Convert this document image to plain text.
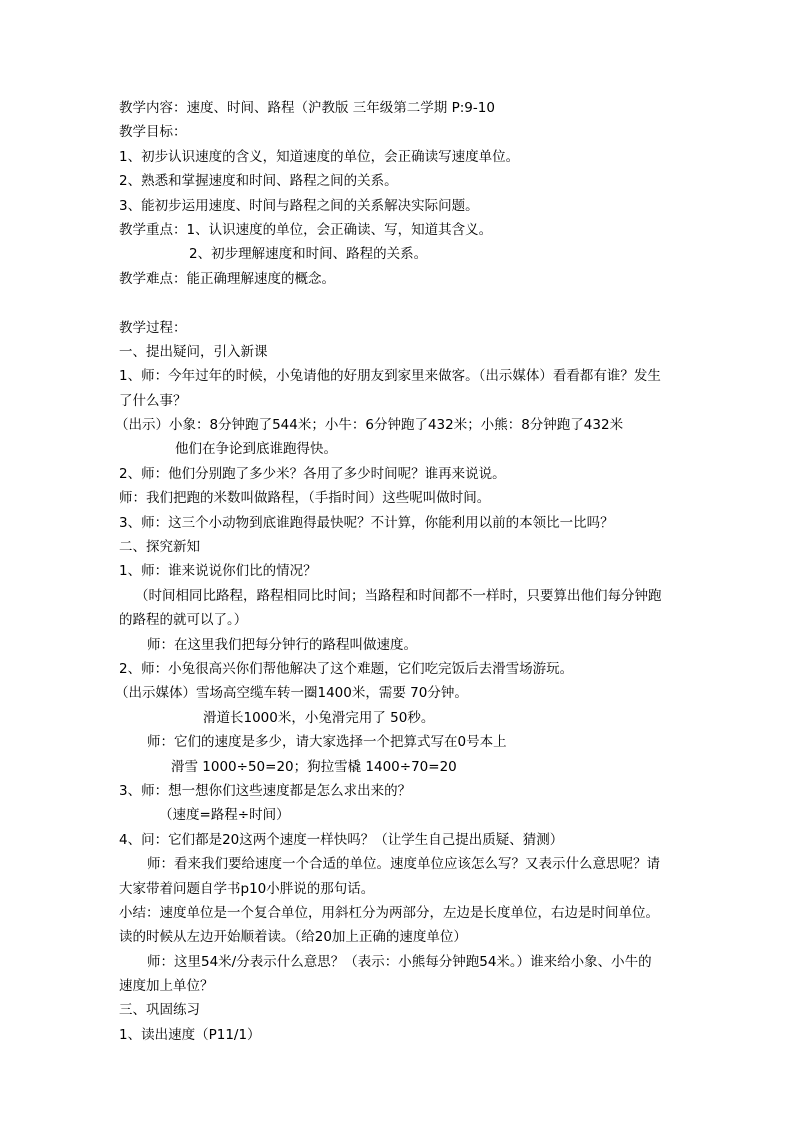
教学内容：速度、时间、路程（沪教版 三年级第二学期 P:9-10
教学目标：
1、初步认识速度的含义，知道速度的单位，会正确读写速度单位。
2、熟悉和掌握速度和时间、路程之间的关系。
3、能初步运用速度、时间与路程之间的关系解决实际问题。
教学重点：1、认识速度的单位，会正确读、写，知道其含义。
2、初步理解速度和时间、路程的关系。
教学难点：能正确理解速度的概念。
教学过程：
一、提出疑问，引入新课
1、师：今年过年的时候，小兔请他的好朋友到家里来做客。（出示媒体）看看都有谁？发生
了什么事？
（出示）小象：8分钟跑了544米；小牛：6分钟跑了432米；小熊：8分钟跑了432米
他们在争论到底谁跑得快。
2、师：他们分别跑了多少米？各用了多少时间呢？谁再来说说。
师：我们把跑的米数叫做路程，（手指时间）这些呢叫做时间。
3、师：这三个小动物到底谁跑得最快呢？不计算，你能利用以前的本领比一比吗？
二、探究新知
1、师：谁来说说你们比的情况？
（时间相同比路程，路程相同比时间；当路程和时间都不一样时，只要算出他们每分钟跑
的路程的就可以了。）
师：在这里我们把每分钟行的路程叫做速度。
2、师：小兔很高兴你们帮他解决了这个难题，它们吃完饭后去滑雪场游玩。
（出示媒体）雪场高空缆车转一圈1400米，需要 70分钟。
滑道长1000米，小兔滑完用了 50秒。
师：它们的速度是多少，请大家选择一个把算式写在0号本上
滑雪 1000÷50=20；狗拉雪橇 1400÷70=20
3、师：想一想你们这些速度都是怎么求出来的？
（速度=路程÷时间）
4、问：它们都是20这两个速度一样快吗？（让学生自己提出质疑、猜测）
师：看来我们要给速度一个合适的单位。速度单位应该怎么写？又表示什么意思呢？请
大家带着问题自学书p10小胖说的那句话。
小结：速度单位是一个复合单位，用斜杠分为两部分，左边是长度单位，右边是时间单位。
读的时候从左边开始顺着读。（给20加上正确的速度单位）
师：这里54米/分表示什么意思？（表示：小熊每分钟跑54米。）谁来给小象、小牛的
速度加上单位？
三、巩固练习
1、读出速度（P11/1）
